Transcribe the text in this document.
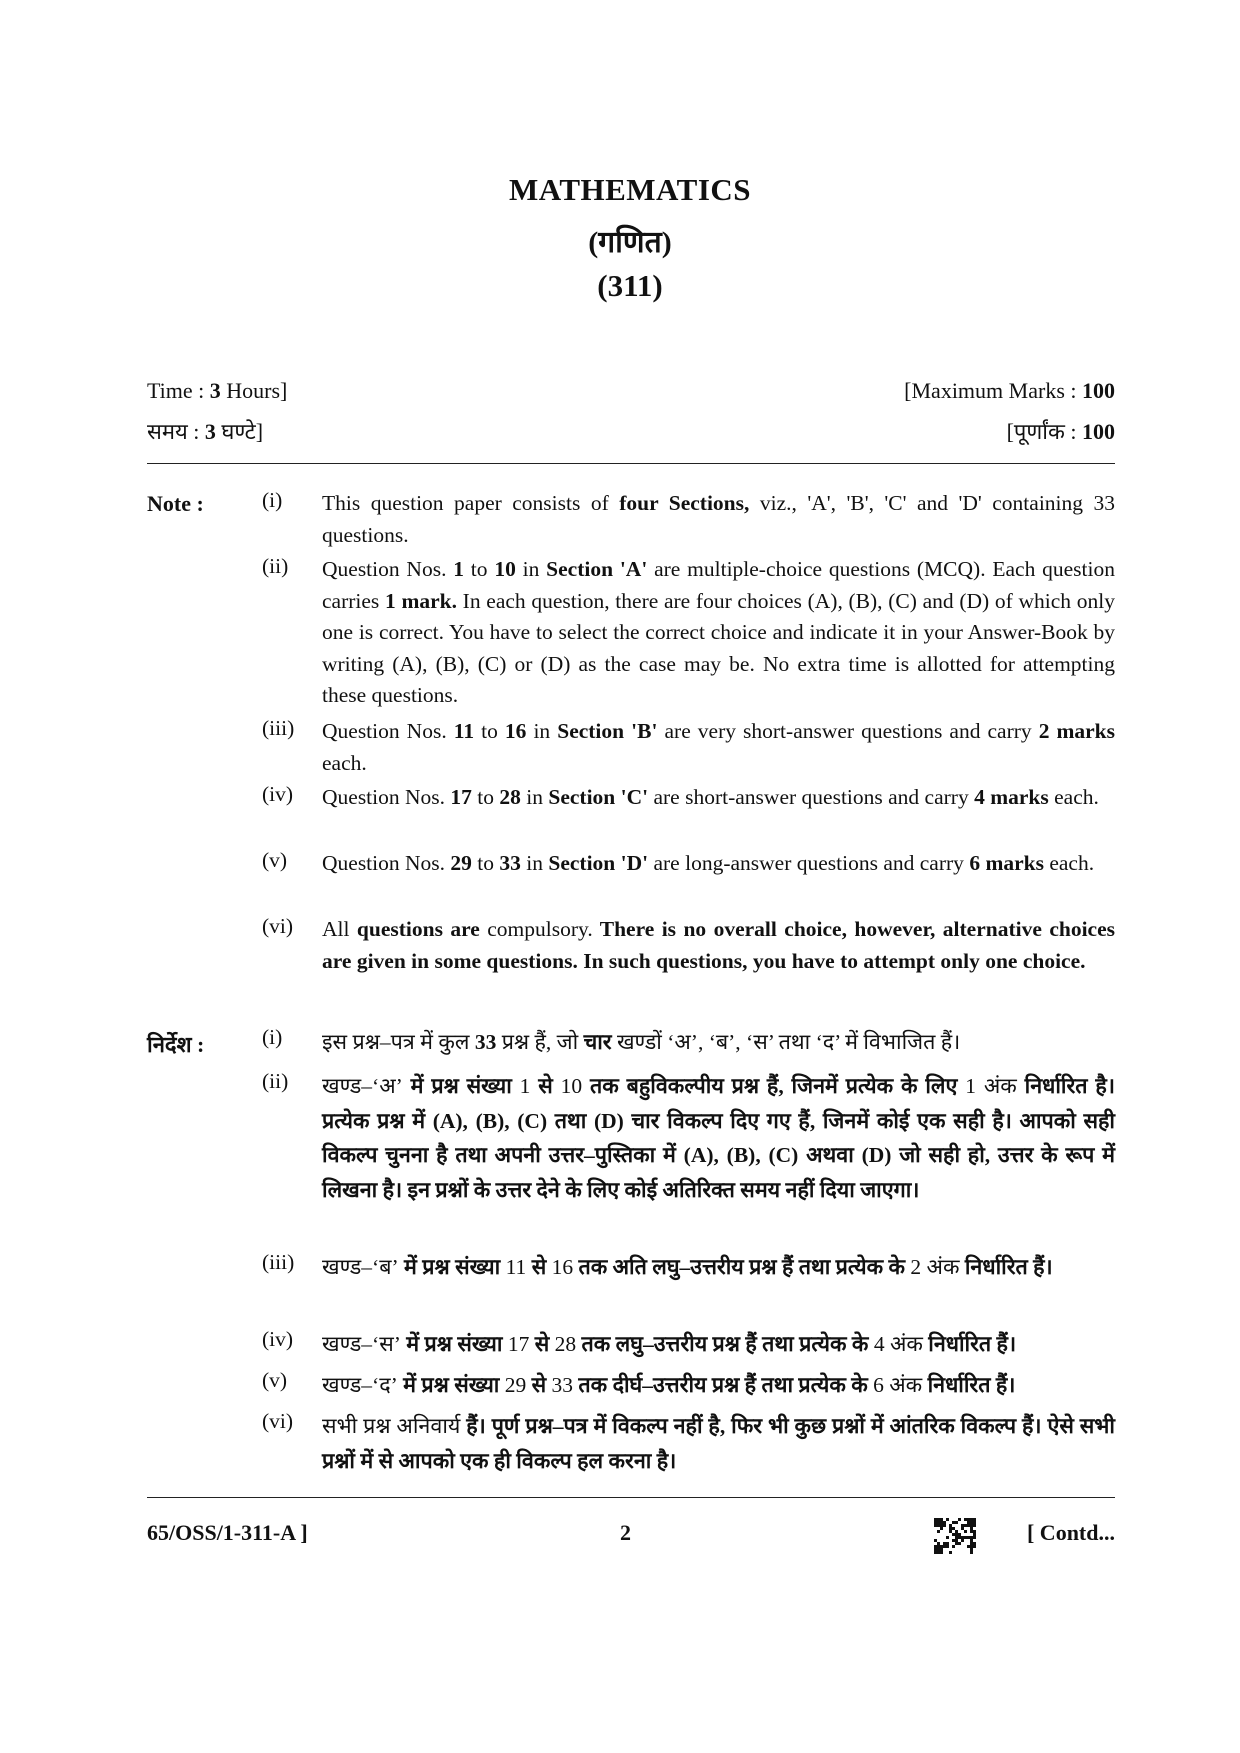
MATHEMATICS
(गणित)
(311)
Time : 3 Hours]	[Maximum Marks : 100
समय : 3 घण्टे]	[पूर्णांक : 100
Note :
निर्देश :
(i)	This question paper consists of four Sections, viz., 'A', 'B', 'C' and 'D' containing 33 questions.
(ii)	Question Nos. 1 to 10 in Section 'A' are multiple-choice questions (MCQ). Each question carries 1 mark. In each question, there are four choices (A), (B), (C) and (D) of which only one is correct. You have to select the correct choice and indicate it in your Answer-Book by writing (A), (B), (C) or (D) as the case may be. No extra time is allotted for attempting these questions.
(iii)	Question Nos. 11 to 16 in Section 'B' are very short-answer questions and carry 2 marks each.
(iv)	Question Nos. 17 to 28 in Section 'C' are short-answer questions and carry 4 marks each.
(v)	Question Nos. 29 to 33 in Section 'D' are long-answer questions and carry 6 marks each.
(vi)	All questions are compulsory. There is no overall choice, however, alternative choices are given in some questions. In such questions, you have to attempt only one choice.
(i)	इस प्रश्न–पत्र में कुल 33 प्रश्न हैं, जो चार खण्डों ‘अ’, ‘ब’, ‘स’ तथा ‘द’ में विभाजित हैं।
(ii)	खण्ड–‘अ’ में प्रश्न संख्या 1 से 10 तक बहुविकल्पीय प्रश्न हैं, जिनमें प्रत्येक के लिए 1 अंक निर्धारित है। प्रत्येक प्रश्न में (A), (B), (C) तथा (D) चार विकल्प दिए गए हैं, जिनमें कोई एक सही है। आपको सही विकल्प चुनना है तथा अपनी उत्तर–पुस्तिका में (A), (B), (C) अथवा (D) जो सही हो, उत्तर के रूप में लिखना है। इन प्रश्नों के उत्तर देने के लिए कोई अतिरिक्त समय नहीं दिया जाएगा।
(iii)	खण्ड–‘ब’ में प्रश्न संख्या 11 से 16 तक अति लघु–उत्तरीय प्रश्न हैं तथा प्रत्येक के 2 अंक निर्धारित हैं।
(iv)	खण्ड–‘स’ में प्रश्न संख्या 17 से 28 तक लघु–उत्तरीय प्रश्न हैं तथा प्रत्येक के 4 अंक निर्धारित हैं।
(v)	खण्ड–‘द’ में प्रश्न संख्या 29 से 33 तक दीर्घ–उत्तरीय प्रश्न हैं तथा प्रत्येक के 6 अंक निर्धारित हैं।
(vi)	सभी प्रश्न अनिवार्य हैं। पूर्ण प्रश्न–पत्र में विकल्प नहीं है, फिर भी कुछ प्रश्नों में आंतरिक विकल्प हैं। ऐसे सभी प्रश्नों में से आपको एक ही विकल्प हल करना है।
65/OSS/1-311-A ]	2	[ Contd...
